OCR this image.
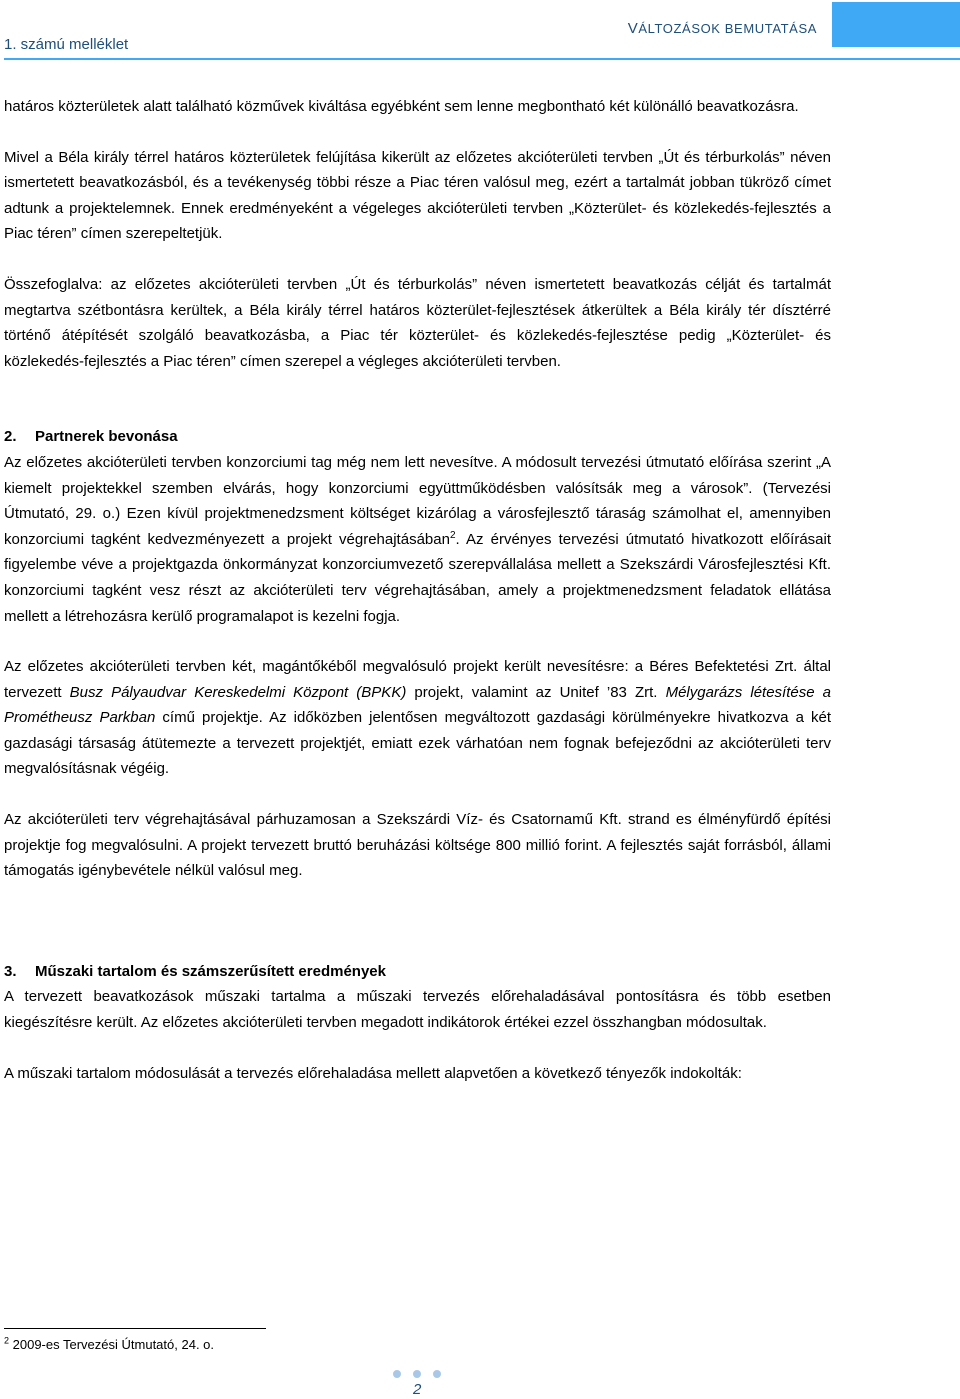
1. számú melléklet
VÁLTOZÁSOK BEMUTATÁSA

határos közterületek alatt található közművek kiváltása egyébként sem lenne megbontható két különálló beavatkozásra.

Mivel a Béla király térrel határos közterületek felújítása kikerült az előzetes akcióterületi tervben „Út és térburkolás” néven ismertetett beavatkozásból, és a tevékenység többi része a Piac téren valósul meg, ezért a tartalmát jobban tükröző címet adtunk a projektelemnek. Ennek eredményeként a végeleges akcióterületi tervben „Közterület- és közlekedés-fejlesztés a Piac téren” címen szerepeltetjük.

Összefoglalva: az előzetes akcióterületi tervben „Út és térburkolás” néven ismertetett beavatkozás célját és tartalmát megtartva szétbontásra kerültek, a Béla király térrel határos közterület-fejlesztések átkerültek a Béla király tér dísztérré történő átépítését szolgáló beavatkozásba, a Piac tér közterület- és közlekedés-fejlesztése pedig „Közterület- és közlekedés-fejlesztés a Piac téren” címen szerepel a végleges akcióterületi tervben.

2. Partnerek bevonása

Az előzetes akcióterületi tervben konzorciumi tag még nem lett nevesítve. A módosult tervezési útmutató előírása szerint „A kiemelt projektekkel szemben elvárás, hogy konzorciumi együttműködésben valósítsák meg a városok”. (Tervezési Útmutató, 29. o.) Ezen kívül projektmenedzsment költséget kizárólag a városfejlesztő táraság számolhat el, amennyiben konzorciumi tagként kedvezményezett a projekt végrehajtásában$^2$. Az érvényes tervezési útmutató hivatkozott előírásait figyelembe véve a projektgazda önkormányzat konzorciumvezető szerepvállalása mellett a Szekszárdi Városfejlesztési Kft. konzorciumi tagként vesz részt az akcióterületi terv végrehajtásában, amely a projektmenedzsment feladatok ellátása mellett a létrehozásra kerülő programalapot is kezelni fogja.

Az előzetes akcióterületi tervben két, magántőkéből megvalósuló projekt került nevesítésre: a Béres Befektetési Zrt. által tervezett Busz Pályaudvar Kereskedelmi Központ (BPKK) projekt, valamint az Unitef ’83 Zrt. Mélygarázs létesítése a Prométheusz Parkban című projektje. Az időközben jelentősen megváltozott gazdasági körülményekre hivatkozva a két gazdasági társaság átütemezte a tervezett projektjét, emiatt ezek várhatóan nem fognak befejeződni az akcióterületi terv megvalósításnak végéig.

Az akcióterületi terv végrehajtásával párhuzamosan a Szekszárdi Víz- és Csatornamű Kft. strand es élményfürdő építési projektje fog megvalósulni. A projekt tervezett bruttó beruházási költsége 800 millió forint. A fejlesztés saját forrásból, állami támogatás igénybevétele nélkül valósul meg.

3. Műszaki tartalom és számszerűsített eredmények

A tervezett beavatkozások műszaki tartalma a műszaki tervezés előrehaladásával pontosításra és több esetben kiegészítésre került. Az előzetes akcióterületi tervben megadott indikátorok értékei ezzel összhangban módosultak.

A műszaki tartalom módosulását a tervezés előrehaladása mellett alapvetően a következő tényezők indokolták:

$^2$ 2009-es Tervezési Útmutató, 24. o.
2
